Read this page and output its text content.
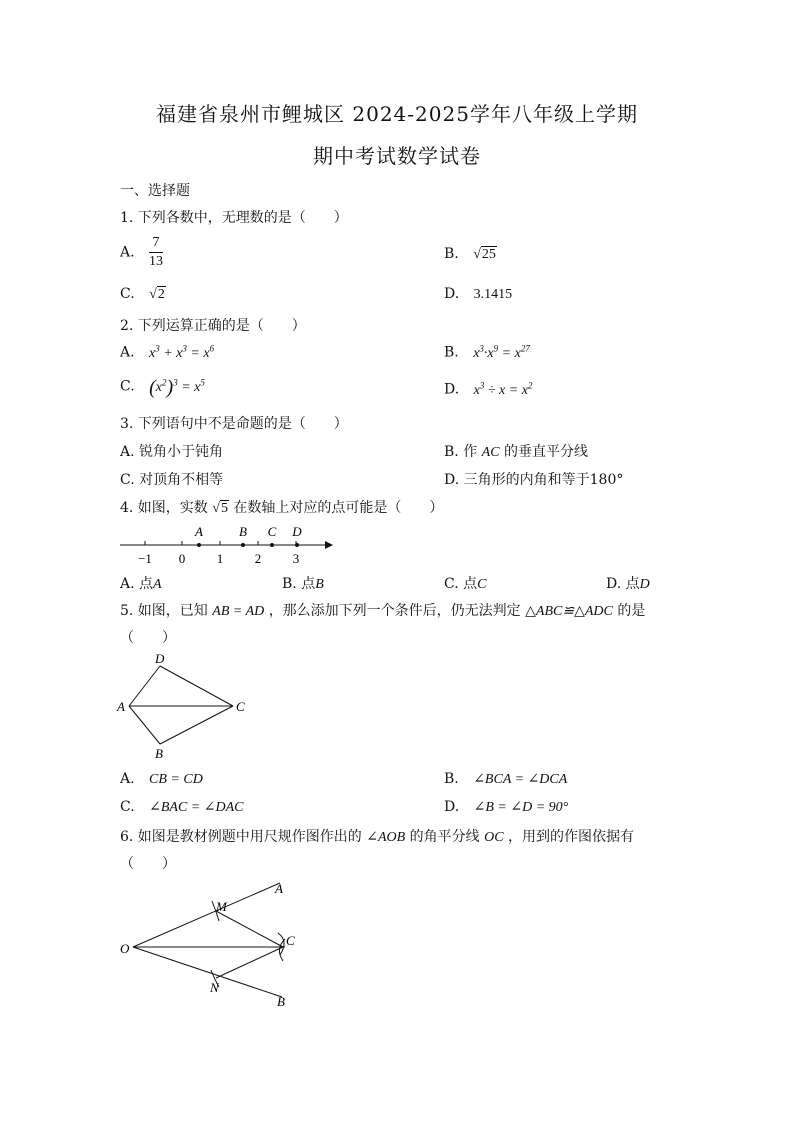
福建省泉州市鲤城区 2024-2025学年八年级上学期
期中考试数学试卷
一、选择题
1. 下列各数中，无理数的是（　　）
A. $\frac{7}{13}$	B. √25
C. √2	D. 3.1415
2. 下列运算正确的是（　　）
A. $x^3 + x^3 = x^6$	B. $x^3\cdot x^9 = x^{27}$
C. $(x^2)^3 = x^5$	D. $x^3 \div x = x^2$
3. 下列语句中不是命题的是（　　）
A. 锐角小于钝角	B. 作 AC 的垂直平分线
C. 对顶角不相等	D. 三角形的内角和等于180°
4. 如图，实数 √5 在数轴上对应的点可能是（　　）
−1 0 1 2 3
A	B C D
A. 点A	B. 点B	C. 点C	D. 点D
5. 如图，已知 AB = AD ，那么添加下列一个条件后，仍无法判定 △ABC≌△ADC 的是
（　　）
D
A	C
B
A. CB = CD	B. ∠BCA = ∠DCA
C. ∠BAC = ∠DAC	D. ∠B = ∠D = 90°
6. 如图是教材例题中用尺规作图作出的 ∠AOB 的角平分线 OC ，用到的作图依据有
（　　）
A
M
O
C
N
B
